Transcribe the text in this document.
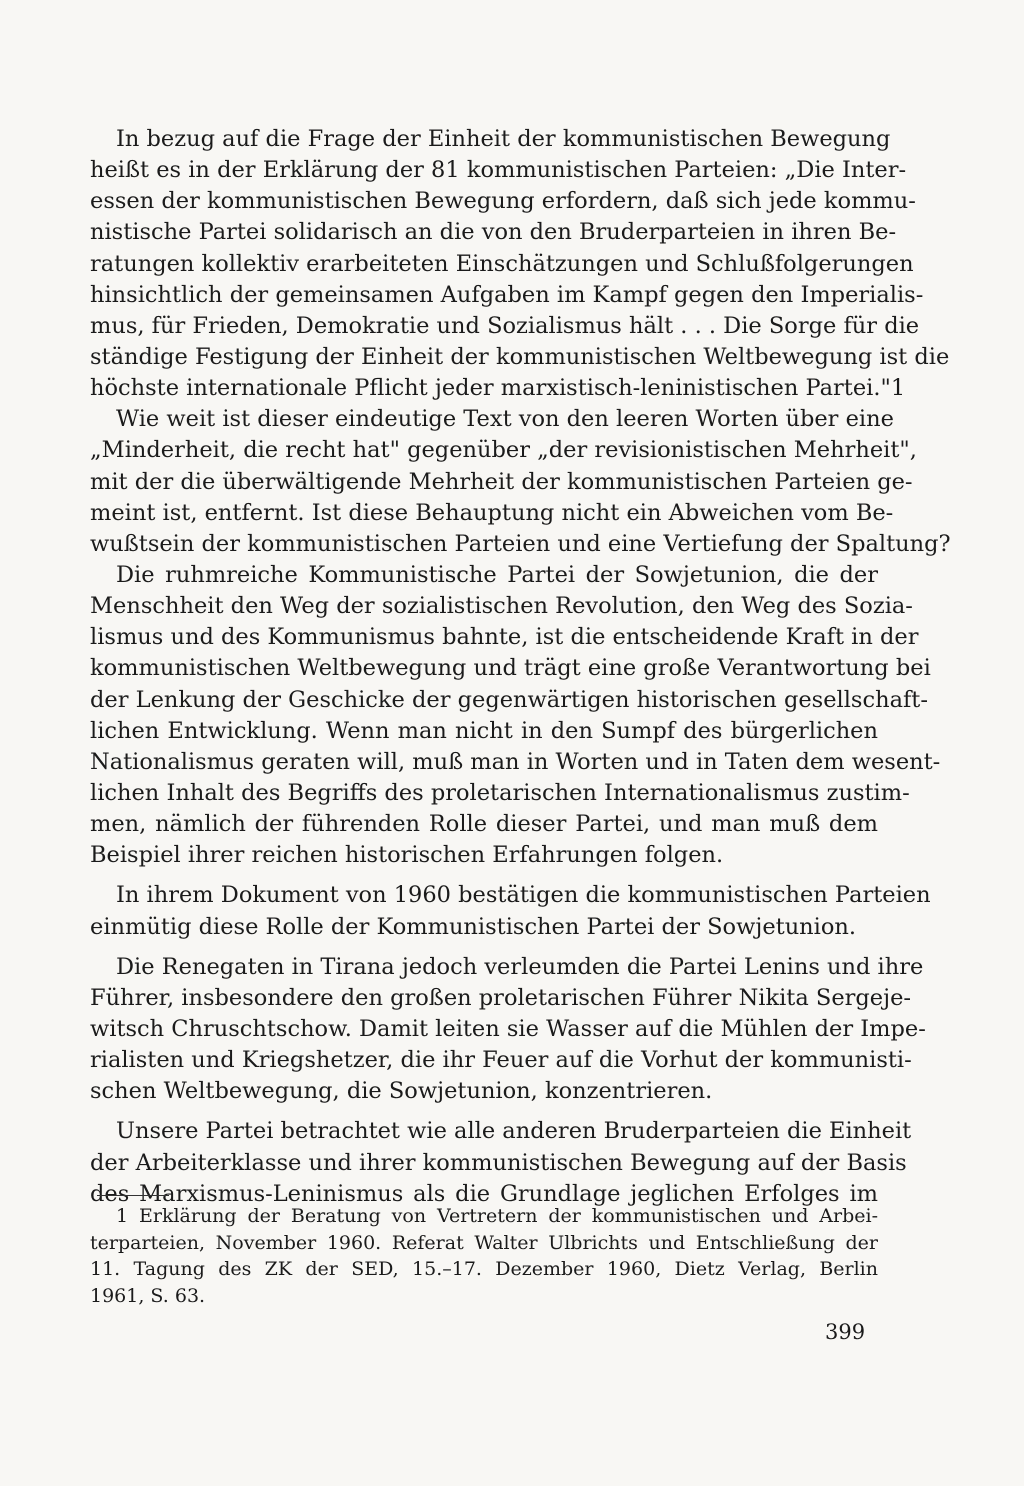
In bezug auf die Frage der Einheit der kommunistischen Bewegung
heißt es in der Erklärung der 81 kommunistischen Parteien: „Die Inter-
essen der kommunistischen Bewegung erfordern, daß sich jede kommu-
nistische Partei solidarisch an die von den Bruderparteien in ihren Be-
ratungen kollektiv erarbeiteten Einschätzungen und Schlußfolgerungen
hinsichtlich der gemeinsamen Aufgaben im Kampf gegen den Imperialis-
mus, für Frieden, Demokratie und Sozialismus hält . . . Die Sorge für die
ständige Festigung der Einheit der kommunistischen Weltbewegung ist die
höchste internationale Pflicht jeder marxistisch-leninistischen Partei."1
Wie weit ist dieser eindeutige Text von den leeren Worten über eine
„Minderheit, die recht hat" gegenüber „der revisionistischen Mehrheit",
mit der die überwältigende Mehrheit der kommunistischen Parteien ge-
meint ist, entfernt. Ist diese Behauptung nicht ein Abweichen vom Be-
wußtsein der kommunistischen Parteien und eine Vertiefung der Spaltung?
Die ruhmreiche Kommunistische Partei der Sowjetunion, die der
Menschheit den Weg der sozialistischen Revolution, den Weg des Sozia-
lismus und des Kommunismus bahnte, ist die entscheidende Kraft in der
kommunistischen Weltbewegung und trägt eine große Verantwortung bei
der Lenkung der Geschicke der gegenwärtigen historischen gesellschaft-
lichen Entwicklung. Wenn man nicht in den Sumpf des bürgerlichen
Nationalismus geraten will, muß man in Worten und in Taten dem wesent-
lichen Inhalt des Begriffs des proletarischen Internationalismus zustim-
men, nämlich der führenden Rolle dieser Partei, und man muß dem
Beispiel ihrer reichen historischen Erfahrungen folgen.
In ihrem Dokument von 1960 bestätigen die kommunistischen Parteien
einmütig diese Rolle der Kommunistischen Partei der Sowjetunion.
Die Renegaten in Tirana jedoch verleumden die Partei Lenins und ihre
Führer, insbesondere den großen proletarischen Führer Nikita Sergeje-
witsch Chruschtschow. Damit leiten sie Wasser auf die Mühlen der Impe-
rialisten und Kriegshetzer, die ihr Feuer auf die Vorhut der kommunisti-
schen Weltbewegung, die Sowjetunion, konzentrieren.
Unsere Partei betrachtet wie alle anderen Bruderparteien die Einheit
der Arbeiterklasse und ihrer kommunistischen Bewegung auf der Basis
des Marxismus-Leninismus als die Grundlage jeglichen Erfolges im
1 Erklärung der Beratung von Vertretern der kommunistischen und Arbei-
terparteien, November 1960. Referat Walter Ulbrichts und Entschließung der
11. Tagung des ZK der SED, 15.–17. Dezember 1960, Dietz Verlag, Berlin
1961, S. 63.
399
